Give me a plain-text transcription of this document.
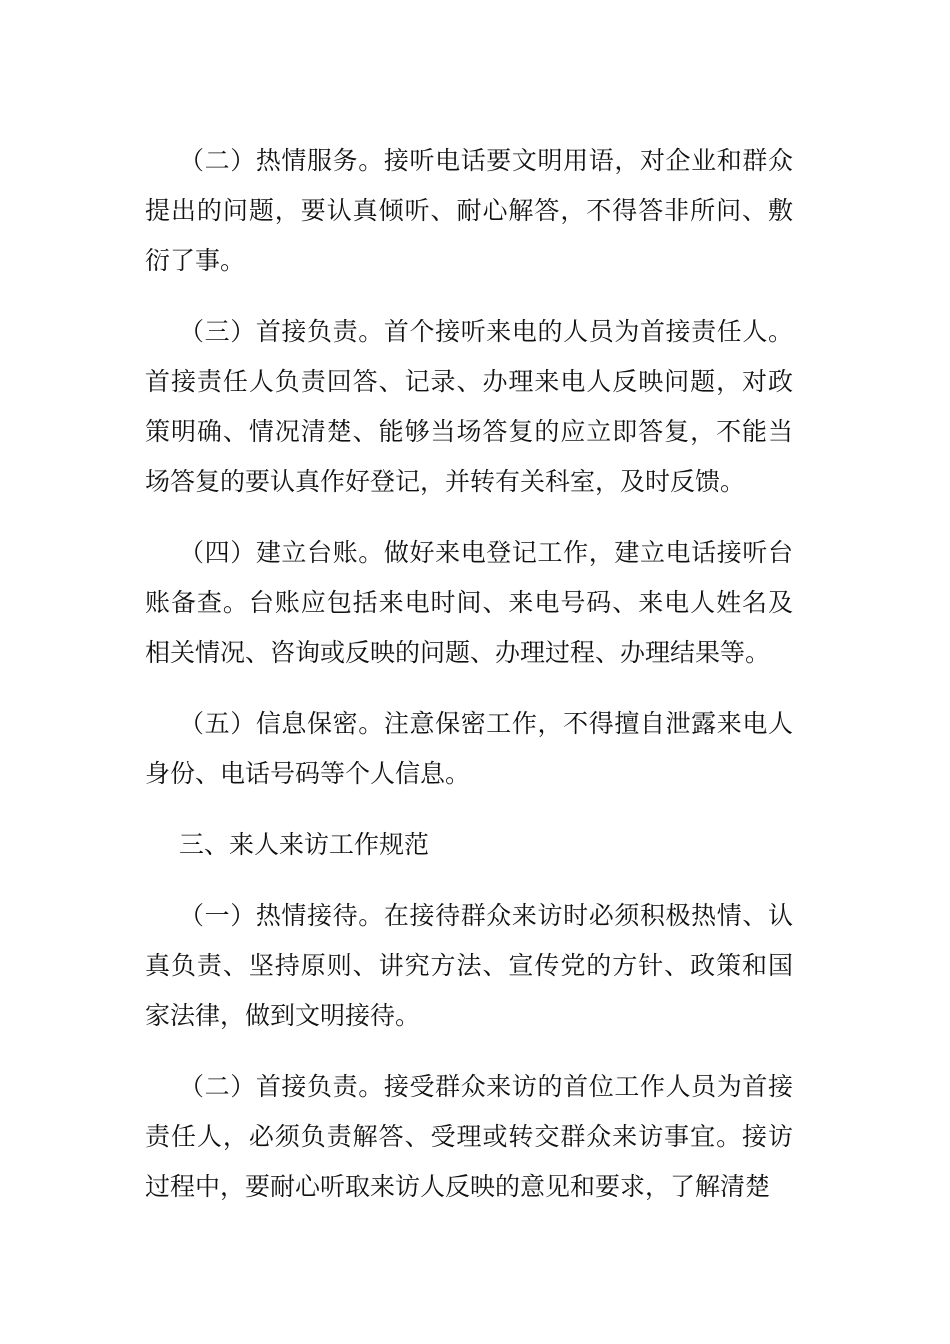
（二）热情服务。接听电话要文明用语，对企业和群众提出的问题，要认真倾听、耐心解答，不得答非所问、敷衍了事。

（三）首接负责。首个接听来电的人员为首接责任人。首接责任人负责回答、记录、办理来电人反映问题，对政策明确、情况清楚、能够当场答复的应立即答复，不能当场答复的要认真作好登记，并转有关科室，及时反馈。

（四）建立台账。做好来电登记工作，建立电话接听台账备查。台账应包括来电时间、来电号码、来电人姓名及相关情况、咨询或反映的问题、办理过程、办理结果等。

（五）信息保密。注意保密工作，不得擅自泄露来电人身份、电话号码等个人信息。

三、来人来访工作规范

（一）热情接待。在接待群众来访时必须积极热情、认真负责、坚持原则、讲究方法、宣传党的方针、政策和国家法律，做到文明接待。

（二）首接负责。接受群众来访的首位工作人员为首接责任人，必须负责解答、受理或转交群众来访事宜。接访过程中，要耐心听取来访人反映的意见和要求，了解清楚
